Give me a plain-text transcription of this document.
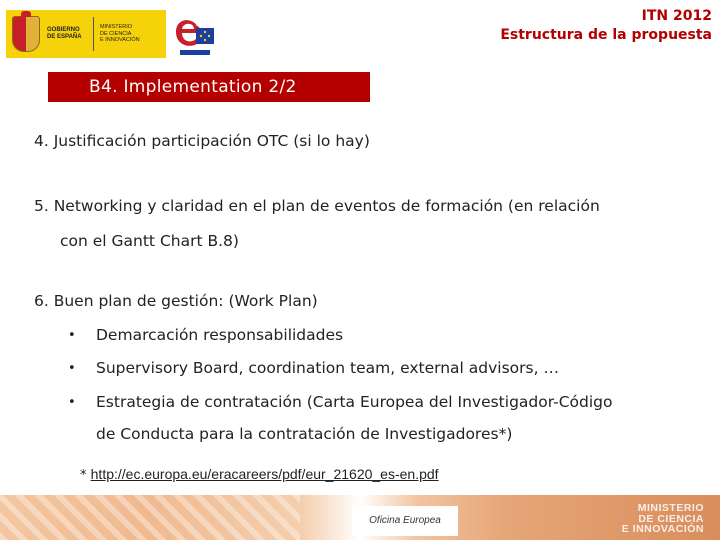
GOBIERNO
DE ESPAÑA
MINISTERIO
DE CIENCIA
E INNOVACIÓN
ITN 2012
Estructura de la propuesta
B4. Implementation 2/2
4. Justificación participación OTC (si lo hay)
5. Networking y claridad en el plan de eventos de formación (en relación
con el Gantt Chart B.8)
6. Buen plan de gestión: (Work Plan)
• Demarcación responsabilidades
• Supervisory Board, coordination team, external advisors, …
• Estrategia de contratación (Carta Europea del Investigador-Código
de Conducta para la contratación de Investigadores*)
* http://ec.europa.eu/eracareers/pdf/eur_21620_es-en.pdf
Oficina Europea
MINISTERIO
DE CIENCIA
E INNOVACIÓN
